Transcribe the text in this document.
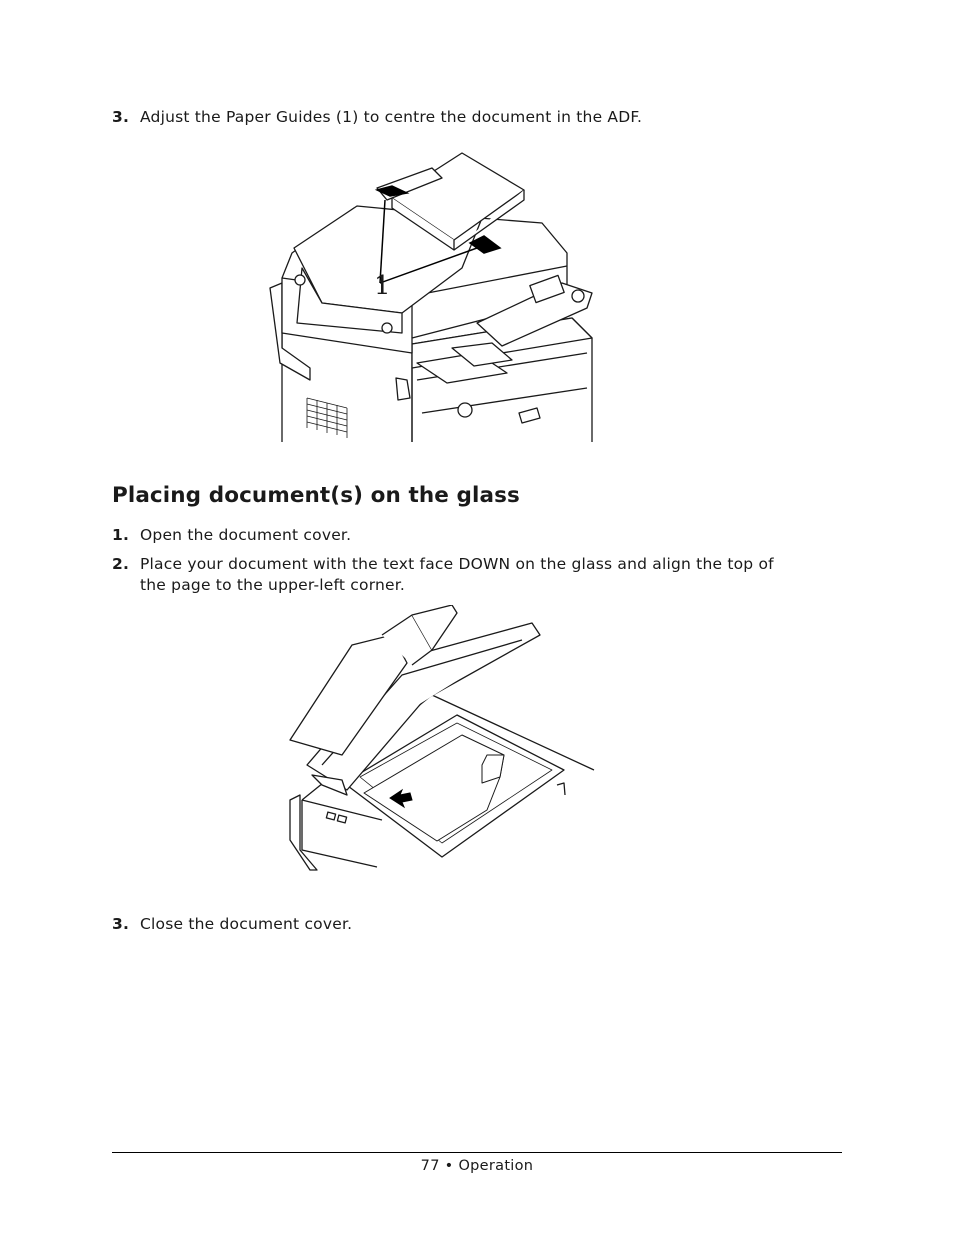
3. Adjust the Paper Guides (1) to centre the document in the ADF.
1
Placing document(s) on the glass
1. Open the document cover.
2. Place your document with the text face DOWN on the glass and align the top of
the page to the upper-left corner.
3. Close the document cover.
77 • Operation
